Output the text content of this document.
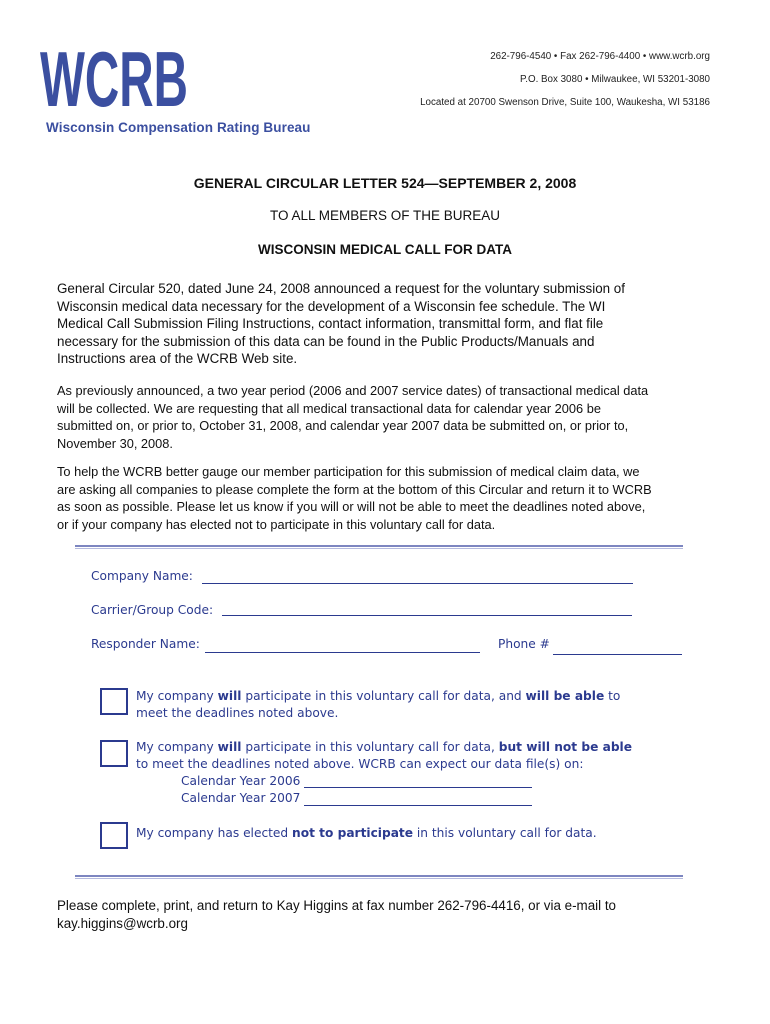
WCRB
Wisconsin Compensation Rating Bureau
262-796-4540 • Fax 262-796-4400 • www.wcrb.org
P.O. Box 3080 • Milwaukee, WI 53201-3080
Located at 20700 Swenson Drive, Suite 100, Waukesha, WI 53186
GENERAL CIRCULAR LETTER 524—SEPTEMBER 2, 2008
TO ALL MEMBERS OF THE BUREAU
WISCONSIN MEDICAL CALL FOR DATA
General Circular 520, dated June 24, 2008 announced a request for the voluntary submission of
Wisconsin medical data necessary for the development of a Wisconsin fee schedule. The WI
Medical Call Submission Filing Instructions, contact information, transmittal form, and flat file
necessary for the submission of this data can be found in the Public Products/Manuals and
Instructions area of the WCRB Web site.
As previously announced, a two year period (2006 and 2007 service dates) of transactional medical data
will be collected. We are requesting that all medical transactional data for calendar year 2006 be
submitted on, or prior to, October 31, 2008, and calendar year 2007 data be submitted on, or prior to,
November 30, 2008.
To help the WCRB better gauge our member participation for this submission of medical claim data, we
are asking all companies to please complete the form at the bottom of this Circular and return it to WCRB
as soon as possible. Please let us know if you will or will not be able to meet the deadlines noted above,
or if your company has elected not to participate in this voluntary call for data.
Company Name:
Carrier/Group Code:
Responder Name:	Phone #
My company will participate in this voluntary call for data, and will be able to
meet the deadlines noted above.
My company will participate in this voluntary call for data, but will not be able
to meet the deadlines noted above. WCRB can expect our data file(s) on:
Calendar Year 2006
Calendar Year 2007
My company has elected not to participate in this voluntary call for data.
Please complete, print, and return to Kay Higgins at fax number 262-796-4416, or via e-mail to
kay.higgins@wcrb.org
